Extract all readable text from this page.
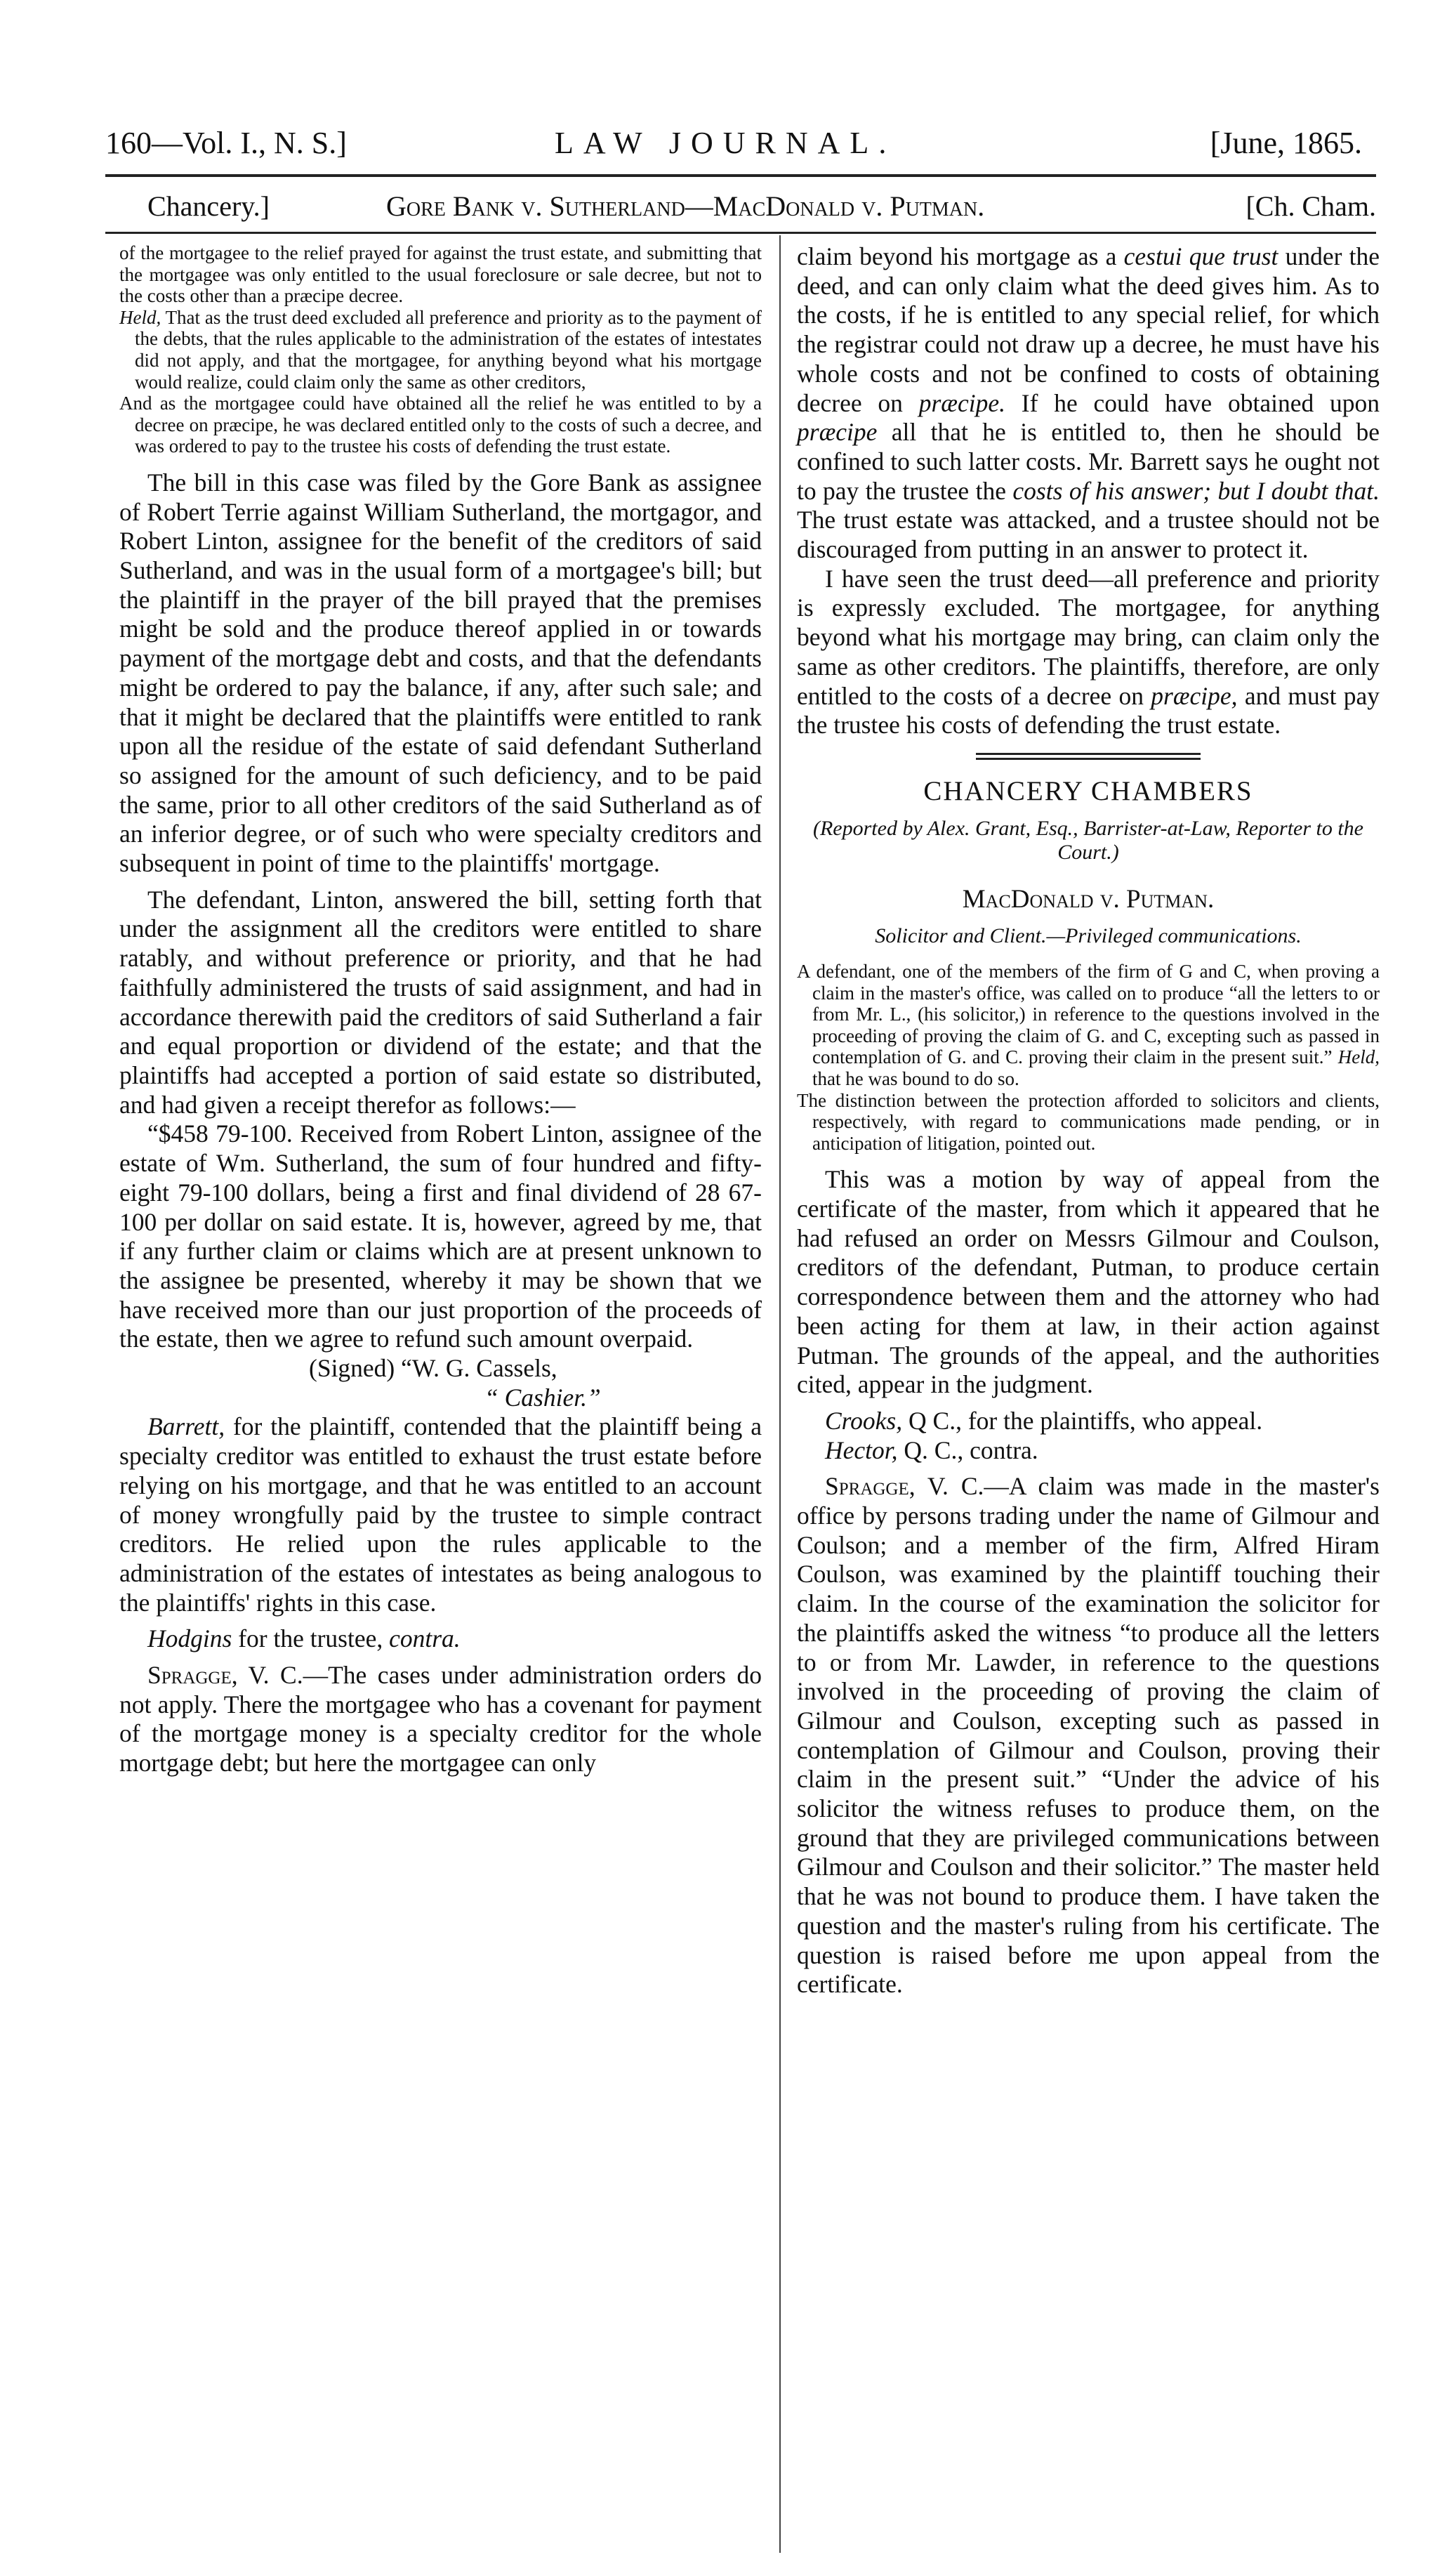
160—Vol. I., N. S.]	LAW JOURNAL.	[June, 1865.
Chancery.]	Gore Bank v. Sutherland—MacDonald v. Putman.	[Ch. Cham.
of the mortgagee to the relief prayed for against the trust estate, and submitting that the mortgagee was only entitled to the usual foreclosure or sale decree, but not to the costs other than a præcipe decree.
Held, That as the trust deed excluded all preference and priority as to the payment of the debts, that the rules applicable to the administration of the estates of intestates did not apply, and that the mortgagee, for anything beyond what his mortgage would realize, could claim only the same as other creditors,
And as the mortgagee could have obtained all the relief he was entitled to by a decree on præcipe, he was declared entitled only to the costs of such a decree, and was ordered to pay to the trustee his costs of defending the trust estate.

The bill in this case was filed by the Gore Bank as assignee of Robert Terrie against William Sutherland, the mortgagor, and Robert Linton, assignee for the benefit of the creditors of said Sutherland, and was in the usual form of a mortgagee's bill; but the plaintiff in the prayer of the bill prayed that the premises might be sold and the produce thereof applied in or towards payment of the mortgage debt and costs, and that the defendants might be ordered to pay the balance, if any, after such sale; and that it might be declared that the plaintiffs were entitled to rank upon all the residue of the estate of said defendant Sutherland so assigned for the amount of such deficiency, and to be paid the same, prior to all other creditors of the said Sutherland as of an inferior degree, or of such who were specialty creditors and subsequent in point of time to the plaintiffs' mortgage.

The defendant, Linton, answered the bill, setting forth that under the assignment all the creditors were entitled to share ratably, and without preference or priority, and that he had faithfully administered the trusts of said assignment, and had in accordance therewith paid the creditors of said Sutherland a fair and equal proportion or dividend of the estate; and that the plaintiffs had accepted a portion of said estate so distributed, and had given a receipt therefor as follows:—

“$458 79-100. Received from Robert Linton, assignee of the estate of Wm. Sutherland, the sum of four hundred and fifty-eight 79-100 dollars, being a first and final dividend of 28 67-100 per dollar on said estate. It is, however, agreed by me, that if any further claim or claims which are at present unknown to the assignee be presented, whereby it may be shown that we have received more than our just proportion of the proceeds of the estate, then we agree to refund such amount overpaid.

(Signed) “W. G. Cassels,
“ Cashier.”

Barrett, for the plaintiff, contended that the plaintiff being a specialty creditor was entitled to exhaust the trust estate before relying on his mortgage, and that he was entitled to an account of money wrongfully paid by the trustee to simple contract creditors. He relied upon the rules applicable to the administration of the estates of intestates as being analogous to the plaintiffs' rights in this case.

Hodgins for the trustee, contra.

Spragge, V. C.—The cases under administration orders do not apply. There the mortgagee who has a covenant for payment of the mortgage money is a specialty creditor for the whole mortgage debt; but here the mortgagee can only

claim beyond his mortgage as a cestui que trust under the deed, and can only claim what the deed gives him. As to the costs, if he is entitled to any special relief, for which the registrar could not draw up a decree, he must have his whole costs and not be confined to costs of obtaining decree on præcipe. If he could have obtained upon præcipe all that he is entitled to, then he should be confined to such latter costs. Mr. Barrett says he ought not to pay the trustee the costs of his answer; but I doubt that. The trust estate was attacked, and a trustee should not be discouraged from putting in an answer to protect it.

I have seen the trust deed—all preference and priority is expressly excluded. The mortgagee, for anything beyond what his mortgage may bring, can claim only the same as other creditors. The plaintiffs, therefore, are only entitled to the costs of a decree on præcipe, and must pay the trustee his costs of defending the trust estate.

CHANCERY CHAMBERS
(Reported by Alex. Grant, Esq., Barrister-at-Law, Reporter to the Court.)
MacDonald v. Putman.
Solicitor and Client.—Privileged communications.
A defendant, one of the members of the firm of G and C, when proving a claim in the master's office, was called on to produce “all the letters to or from Mr. L., (his solicitor,) in reference to the questions involved in the proceeding of proving the claim of G. and C, excepting such as passed in contemplation of G. and C. proving their claim in the present suit.” Held, that he was bound to do so.
The distinction between the protection afforded to solicitors and clients, respectively, with regard to communications made pending, or in anticipation of litigation, pointed out.

This was a motion by way of appeal from the certificate of the master, from which it appeared that he had refused an order on Messrs Gilmour and Coulson, creditors of the defendant, Putman, to produce certain correspondence between them and the attorney who had been acting for them at law, in their action against Putman. The grounds of the appeal, and the authorities cited, appear in the judgment.

Crooks, Q C., for the plaintiffs, who appeal.

Hector, Q. C., contra.

Spragge, V. C.—A claim was made in the master's office by persons trading under the name of Gilmour and Coulson; and a member of the firm, Alfred Hiram Coulson, was examined by the plaintiff touching their claim. In the course of the examination the solicitor for the plaintiffs asked the witness “to produce all the letters to or from Mr. Lawder, in reference to the questions involved in the proceeding of proving the claim of Gilmour and Coulson, excepting such as passed in contemplation of Gilmour and Coulson, proving their claim in the present suit.” “Under the advice of his solicitor the witness refuses to produce them, on the ground that they are privileged communications between Gilmour and Coulson and their solicitor.” The master held that he was not bound to produce them. I have taken the question and the master's ruling from his certificate. The question is raised before me upon appeal from the certificate.
